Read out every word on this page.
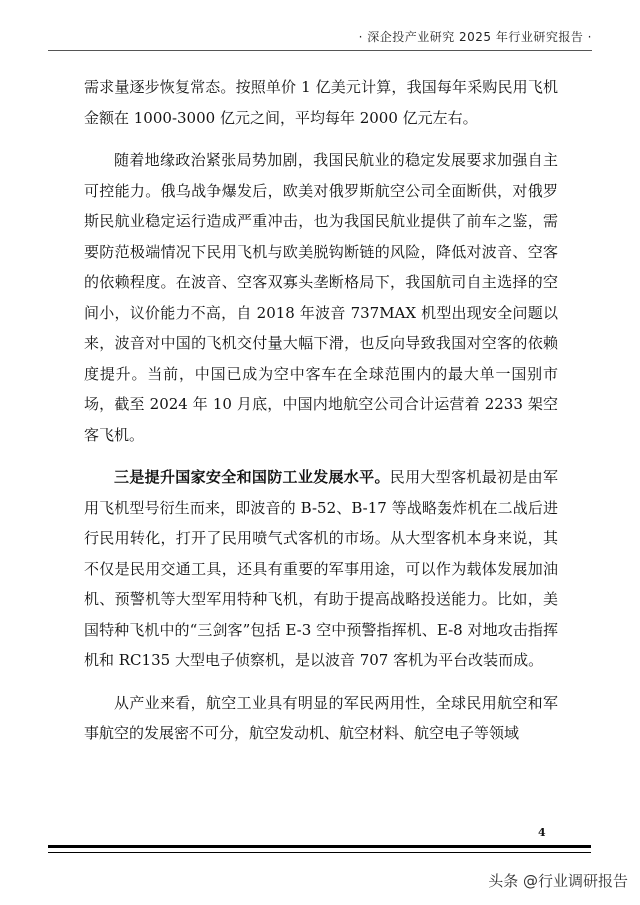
· 深企投产业研究 2025 年行业研究报告 ·

需求量逐步恢复常态。按照单价 1 亿美元计算，我国每年采购民用飞机金额在 1000-3000 亿元之间，平均每年 2000 亿元左右。

随着地缘政治紧张局势加剧，我国民航业的稳定发展要求加强自主可控能力。俄乌战争爆发后，欧美对俄罗斯航空公司全面断供，对俄罗斯民航业稳定运行造成严重冲击，也为我国民航业提供了前车之鉴，需要防范极端情况下民用飞机与欧美脱钩断链的风险，降低对波音、空客的依赖程度。在波音、空客双寡头垄断格局下，我国航司自主选择的空间小，议价能力不高，自 2018 年波音 737MAX 机型出现安全问题以来，波音对中国的飞机交付量大幅下滑，也反向导致我国对空客的依赖度提升。当前，中国已成为空中客车在全球范围内的最大单一国别市场，截至 2024 年 10 月底，中国内地航空公司合计运营着 2233 架空客飞机。

三是提升国家安全和国防工业发展水平。民用大型客机最初是由军用飞机型号衍生而来，即波音的 B-52、B-17 等战略轰炸机在二战后进行民用转化，打开了民用喷气式客机的市场。从大型客机本身来说，其不仅是民用交通工具，还具有重要的军事用途，可以作为载体发展加油机、预警机等大型军用特种飞机，有助于提高战略投送能力。比如，美国特种飞机中的“三剑客”包括 E-3 空中预警指挥机、E-8 对地攻击指挥机和 RC135 大型电子侦察机，是以波音 707 客机为平台改装而成。

从产业来看，航空工业具有明显的军民两用性，全球民用航空和军事航空的发展密不可分，航空发动机、航空材料、航空电子等领域

4
头条 @行业调研报告
